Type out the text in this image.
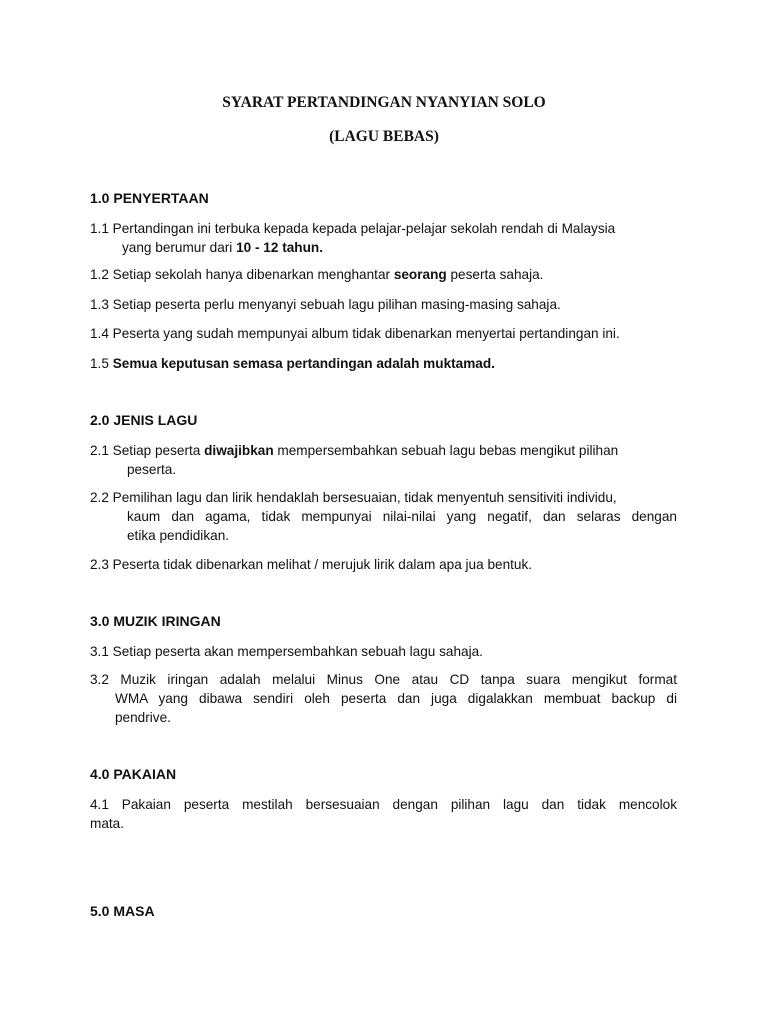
SYARAT PERTANDINGAN NYANYIAN SOLO
(LAGU BEBAS)
1.0 PENYERTAAN
1.1 Pertandingan ini terbuka kepada kepada pelajar-pelajar sekolah rendah di Malaysia
yang berumur dari 10 - 12 tahun.
1.2 Setiap sekolah hanya dibenarkan menghantar seorang peserta sahaja.
1.3 Setiap peserta perlu menyanyi sebuah lagu pilihan masing-masing sahaja.
1.4 Peserta yang sudah mempunyai album tidak dibenarkan menyertai pertandingan ini.
1.5 Semua keputusan semasa pertandingan adalah muktamad.
2.0 JENIS LAGU
2.1 Setiap peserta diwajibkan mempersembahkan sebuah lagu bebas mengikut pilihan
peserta.
2.2 Pemilihan lagu dan lirik hendaklah bersesuaian, tidak menyentuh sensitiviti individu,
kaum dan agama, tidak mempunyai nilai-nilai yang negatif, dan selaras dengan
etika pendidikan.
2.3 Peserta tidak dibenarkan melihat / merujuk lirik dalam apa jua bentuk.
3.0 MUZIK IRINGAN
3.1 Setiap peserta akan mempersembahkan sebuah lagu sahaja.
3.2 Muzik iringan adalah melalui Minus One atau CD tanpa suara mengikut format
WMA yang dibawa sendiri oleh peserta dan juga digalakkan membuat backup di
pendrive.
4.0 PAKAIAN
4.1 Pakaian peserta mestilah bersesuaian dengan pilihan lagu dan tidak mencolok
mata.
5.0 MASA
